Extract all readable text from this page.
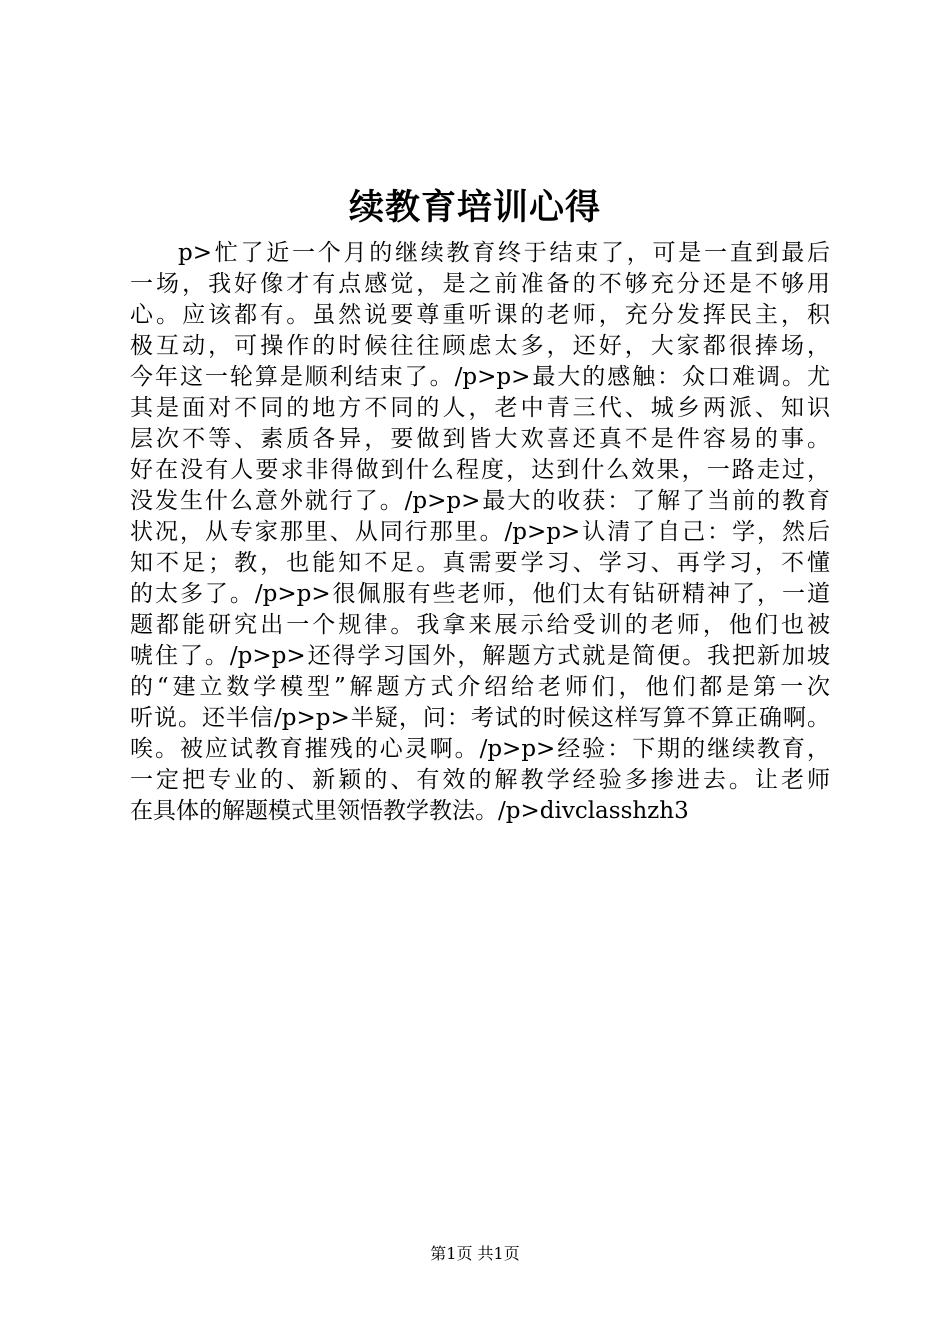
续教育培训心得
p>忙了近一个月的继续教育终于结束了，可是一直到最后
一场，我好像才有点感觉，是之前准备的不够充分还是不够用
心。应该都有。虽然说要尊重听课的老师，充分发挥民主，积
极互动，可操作的时候往往顾虑太多，还好，大家都很捧场，
今年这一轮算是顺利结束了。/p>p>最大的感触：众口难调。尤
其是面对不同的地方不同的人，老中青三代、城乡两派、知识
层次不等、素质各异，要做到皆大欢喜还真不是件容易的事。
好在没有人要求非得做到什么程度，达到什么效果，一路走过，
没发生什么意外就行了。/p>p>最大的收获：了解了当前的教育
状况，从专家那里、从同行那里。/p>p>认清了自己：学，然后
知不足；教，也能知不足。真需要学习、学习、再学习，不懂
的太多了。/p>p>很佩服有些老师，他们太有钻研精神了，一道
题都能研究出一个规律。我拿来展示给受训的老师，他们也被
唬住了。/p>p>还得学习国外，解题方式就是简便。我把新加坡
的“建立数学模型”解题方式介绍给老师们，他们都是第一次
听说。还半信/p>p>半疑，问：考试的时候这样写算不算正确啊。
唉。被应试教育摧残的心灵啊。/p>p>经验：下期的继续教育，
一定把专业的、新颖的、有效的解教学经验多掺进去。让老师
在具体的解题模式里领悟教学教法。/p>divclasshzh3
第1页 共1页
